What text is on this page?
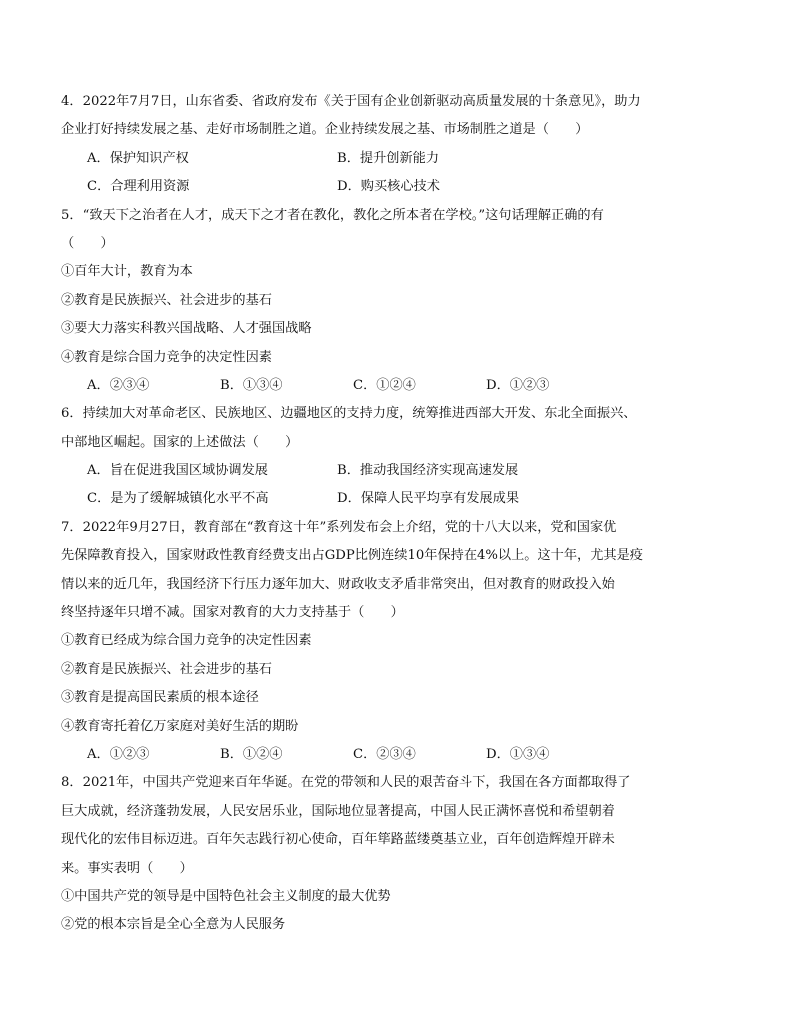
4．2022年7月7日，山东省委、省政府发布《关于国有企业创新驱动高质量发展的十条意见》，助力
企业打好持续发展之基、走好市场制胜之道。企业持续发展之基、市场制胜之道是（　　）
A．保护知识产权	B．提升创新能力
C．合理利用资源	D．购买核心技术
5．“致天下之治者在人才，成天下之才者在教化，教化之所本者在学校。”这句话理解正确的有
（　　）
①百年大计，教育为本
②教育是民族振兴、社会进步的基石
③要大力落实科教兴国战略、人才强国战略
④教育是综合国力竞争的决定性因素
A．②③④	B．①③④	C．①②④	D．①②③
6．持续加大对革命老区、民族地区、边疆地区的支持力度，统筹推进西部大开发、东北全面振兴、
中部地区崛起。国家的上述做法（　　）
A．旨在促进我国区域协调发展	B．推动我国经济实现高速发展
C．是为了缓解城镇化水平不高	D．保障人民平均享有发展成果
7．2022年9月27日，教育部在“教育这十年”系列发布会上介绍，党的十八大以来，党和国家优
先保障教育投入，国家财政性教育经费支出占GDP比例连续10年保持在4%以上。这十年，尤其是疫
情以来的近几年，我国经济下行压力逐年加大、财政收支矛盾非常突出，但对教育的财政投入始
终坚持逐年只增不减。国家对教育的大力支持基于（　　）
①教育已经成为综合国力竞争的决定性因素
②教育是民族振兴、社会进步的基石
③教育是提高国民素质的根本途径
④教育寄托着亿万家庭对美好生活的期盼
A．①②③	B．①②④	C．②③④	D．①③④
8．2021年，中国共产党迎来百年华诞。在党的带领和人民的艰苦奋斗下，我国在各方面都取得了
巨大成就，经济蓬勃发展，人民安居乐业，国际地位显著提高，中国人民正满怀喜悦和希望朝着
现代化的宏伟目标迈进。百年矢志践行初心使命，百年筚路蓝缕奠基立业，百年创造辉煌开辟未
来。事实表明（　　）
①中国共产党的领导是中国特色社会主义制度的最大优势
②党的根本宗旨是全心全意为人民服务
